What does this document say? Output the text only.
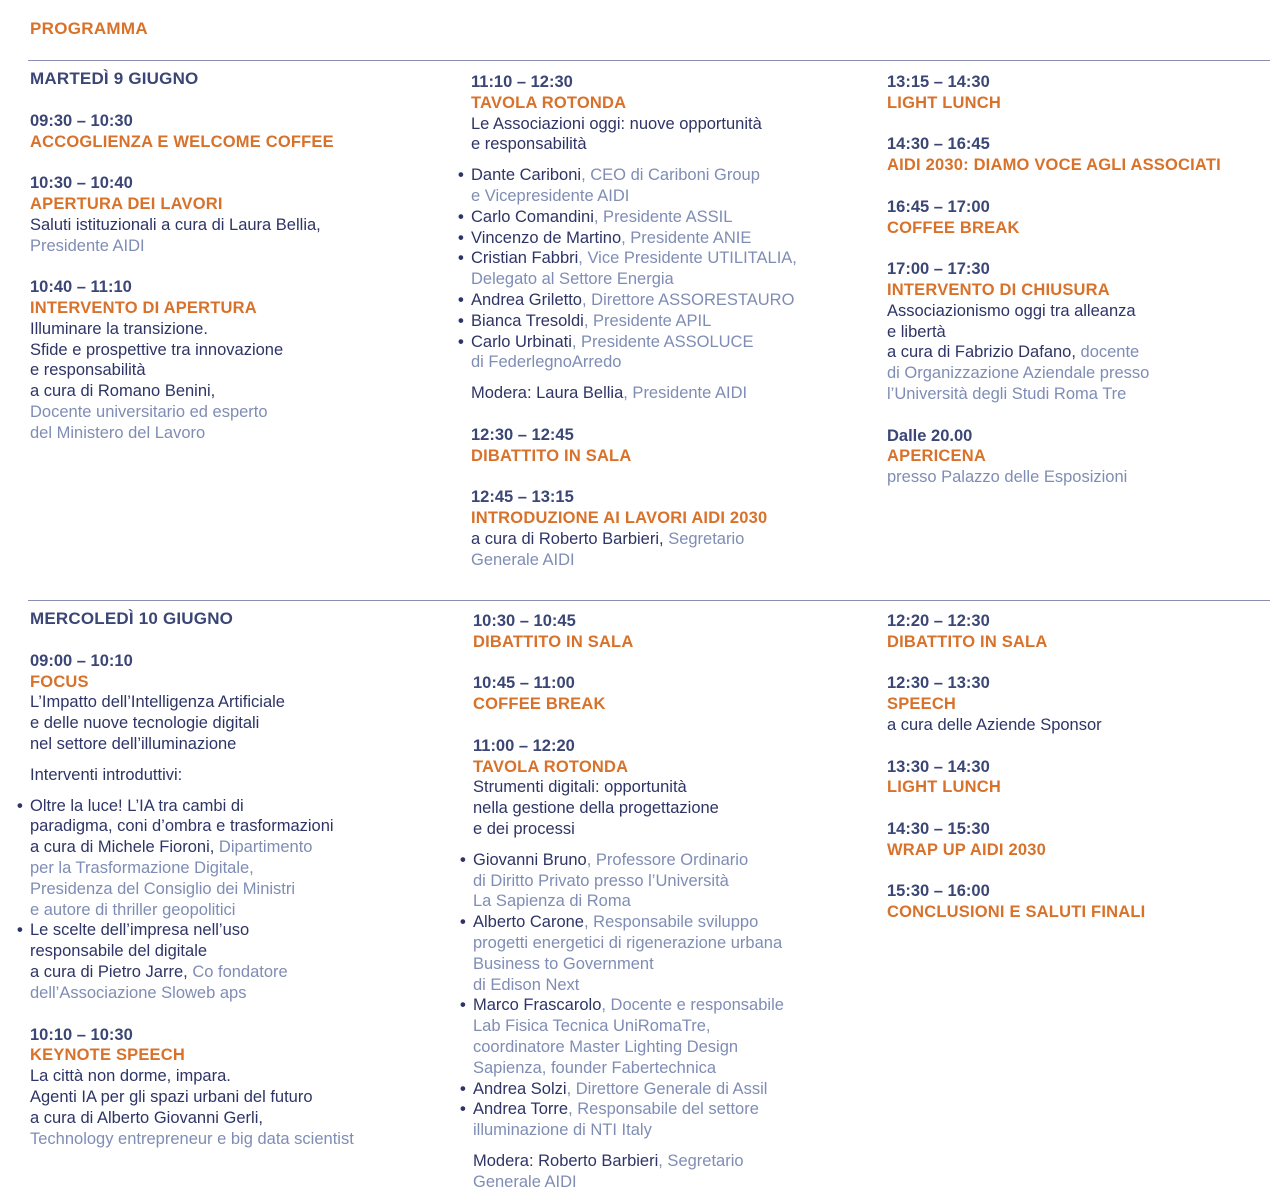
PROGRAMMA
MARTEDÌ 9 GIUGNO
09:30 – 10:30
ACCOGLIENZA E WELCOME COFFEE
10:30 – 10:40
APERTURA DEI LAVORI
Saluti istituzionali a cura di Laura Bellia,
Presidente AIDI
10:40 – 11:10
INTERVENTO DI APERTURA
Illuminare la transizione.
Sfide e prospettive tra innovazione
e responsabilità
a cura di Romano Benini,
Docente universitario ed esperto
del Ministero del Lavoro
11:10 – 12:30
TAVOLA ROTONDA
Le Associazioni oggi: nuove opportunità
e responsabilità
• Dante Cariboni, CEO di Cariboni Group
e Vicepresidente AIDI
• Carlo Comandini, Presidente ASSIL
• Vincenzo de Martino, Presidente ANIE
• Cristian Fabbri, Vice Presidente UTILITALIA,
Delegato al Settore Energia
• Andrea Griletto, Direttore ASSORESTAURO
• Bianca Tresoldi, Presidente APIL
• Carlo Urbinati, Presidente ASSOLUCE
di FederlegnoArredo
Modera: Laura Bellia, Presidente AIDI
12:30 – 12:45
DIBATTITO IN SALA
12:45 – 13:15
INTRODUZIONE AI LAVORI AIDI 2030
a cura di Roberto Barbieri, Segretario
Generale AIDI
13:15 – 14:30
LIGHT LUNCH
14:30 – 16:45
AIDI 2030: DIAMO VOCE AGLI ASSOCIATI
16:45 – 17:00
COFFEE BREAK
17:00 – 17:30
INTERVENTO DI CHIUSURA
Associazionismo oggi tra alleanza
e libertà
a cura di Fabrizio Dafano, docente
di Organizzazione Aziendale presso
l’Università degli Studi Roma Tre
Dalle 20.00
APERICENA
presso Palazzo delle Esposizioni
MERCOLEDÌ 10 GIUGNO
09:00 – 10:10
FOCUS
L’Impatto dell’Intelligenza Artificiale
e delle nuove tecnologie digitali
nel settore dell’illuminazione
Interventi introduttivi:
• Oltre la luce! L’IA tra cambi di
paradigma, coni d’ombra e trasformazioni
a cura di Michele Fioroni, Dipartimento
per la Trasformazione Digitale,
Presidenza del Consiglio dei Ministri
e autore di thriller geopolitici
• Le scelte dell’impresa nell’uso
responsabile del digitale
a cura di Pietro Jarre, Co fondatore
dell’Associazione Sloweb aps
10:10 – 10:30
KEYNOTE SPEECH
La città non dorme, impara.
Agenti IA per gli spazi urbani del futuro
a cura di Alberto Giovanni Gerli,
Technology entrepreneur e big data scientist
10:30 – 10:45
DIBATTITO IN SALA
10:45 – 11:00
COFFEE BREAK
11:00 – 12:20
TAVOLA ROTONDA
Strumenti digitali: opportunità
nella gestione della progettazione
e dei processi
• Giovanni Bruno, Professore Ordinario
di Diritto Privato presso l’Università
La Sapienza di Roma
• Alberto Carone, Responsabile sviluppo
progetti energetici di rigenerazione urbana
Business to Government
di Edison Next
• Marco Frascarolo, Docente e responsabile
Lab Fisica Tecnica UniRomaTre,
coordinatore Master Lighting Design
Sapienza, founder Fabertechnica
• Andrea Solzi, Direttore Generale di Assil
• Andrea Torre, Responsabile del settore
illuminazione di NTI Italy
Modera: Roberto Barbieri, Segretario
Generale AIDI
12:20 – 12:30
DIBATTITO IN SALA
12:30 – 13:30
SPEECH
a cura delle Aziende Sponsor
13:30 – 14:30
LIGHT LUNCH
14:30 – 15:30
WRAP UP AIDI 2030
15:30 – 16:00
CONCLUSIONI E SALUTI FINALI
